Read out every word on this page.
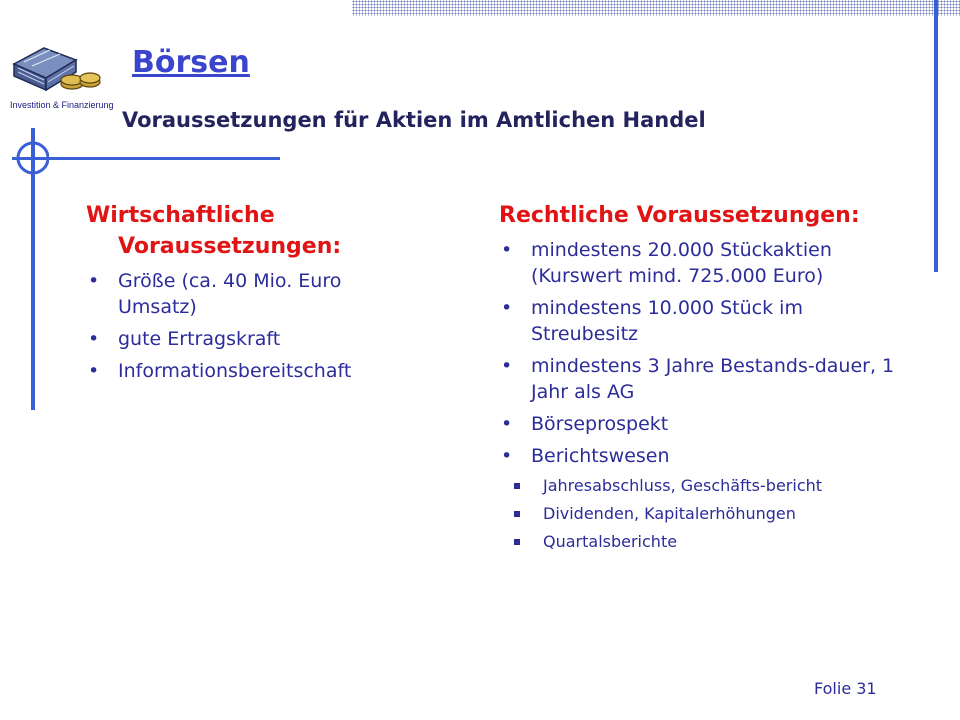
Investition & Finanzierung
Börsen
Voraussetzungen für Aktien im Amtlichen Handel
Wirtschaftliche Voraussetzungen:
• Größe (ca. 40 Mio. Euro Umsatz)
• gute Ertragskraft
• Informationsbereitschaft
Rechtliche Voraussetzungen:
• mindestens 20.000 Stückaktien (Kurswert mind. 725.000 Euro)
• mindestens 10.000 Stück im Streubesitz
• mindestens 3 Jahre Bestands-dauer, 1 Jahr als AG
• Börseprospekt
• Berichtswesen
Jahresabschluss, Geschäfts-bericht
Dividenden, Kapitalerhöhungen
Quartalsberichte
Folie 31
